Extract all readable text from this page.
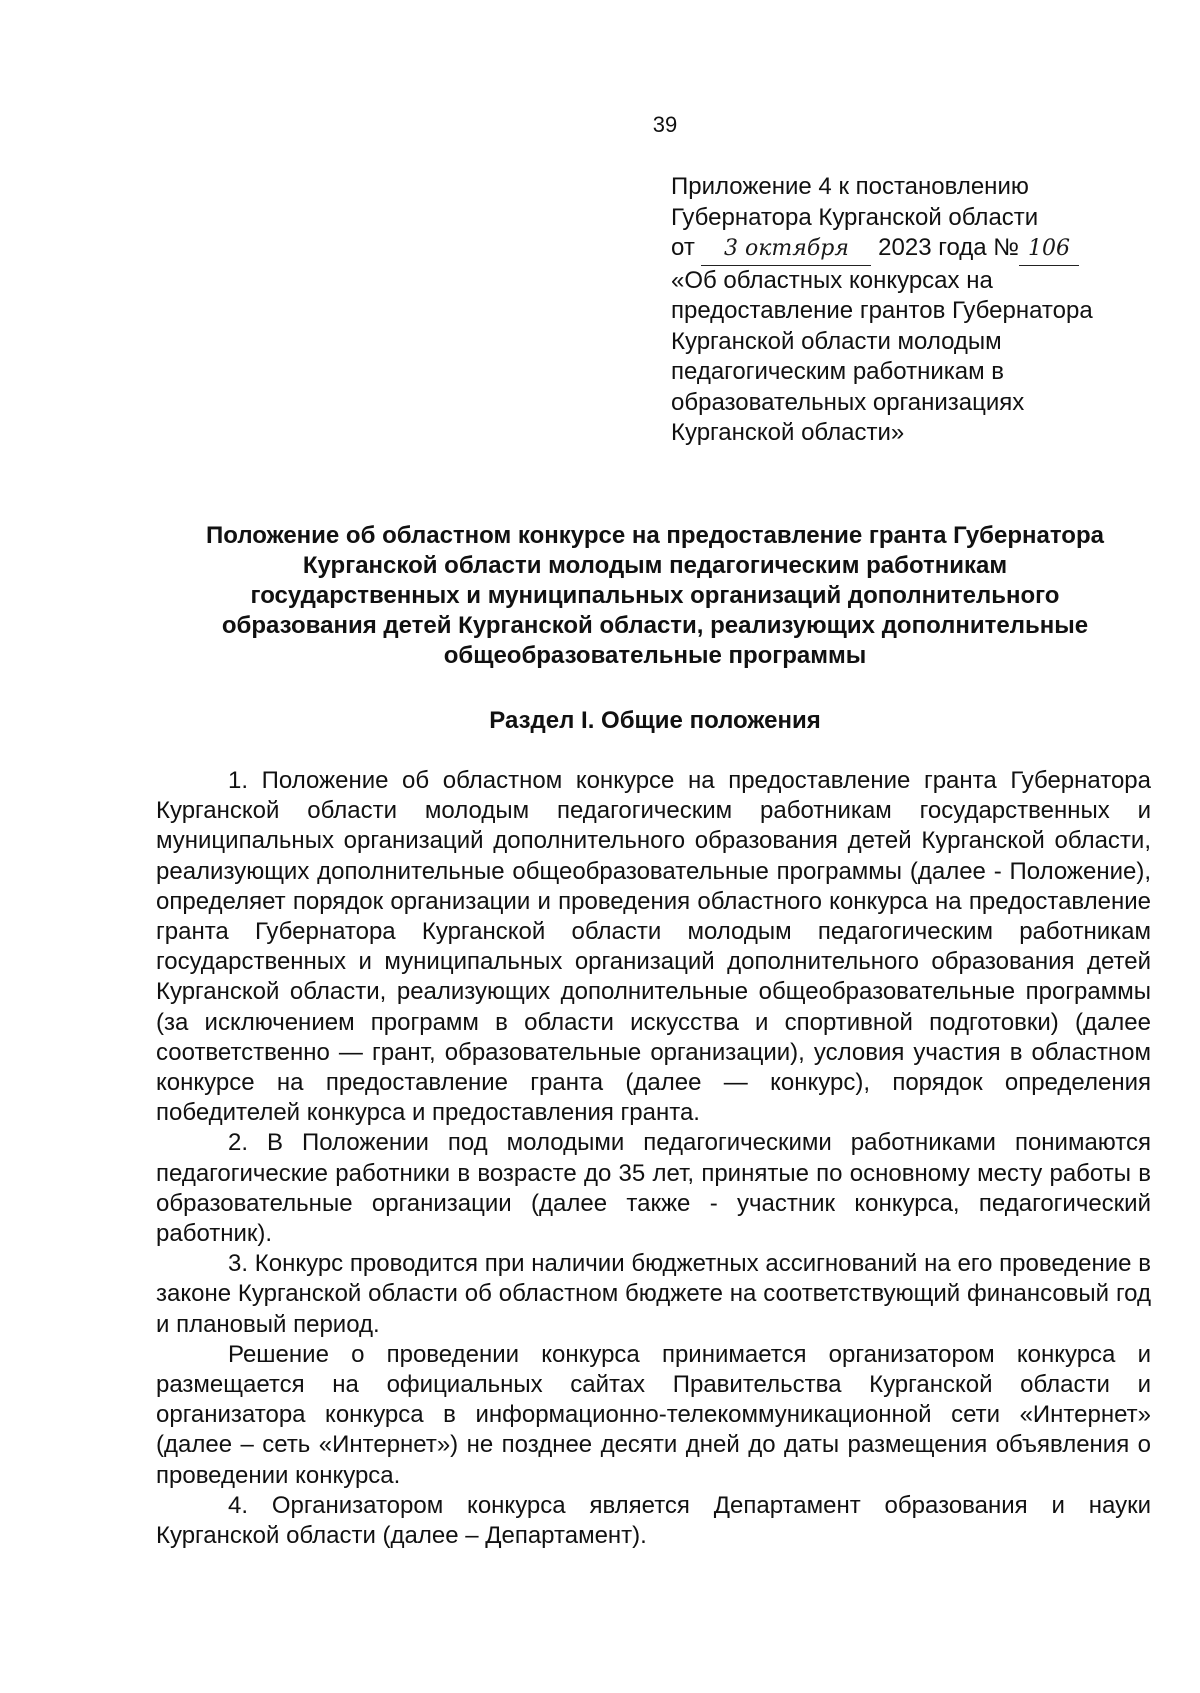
39
Приложение 4 к постановлению
Губернатора Курганской области
от 3 октября 2023 года № 106
«Об областных конкурсах на
предоставление грантов Губернатора
Курганской области молодым
педагогическим работникам в
образовательных организациях
Курганской области»
Положение об областном конкурсе на предоставление гранта Губернатора
Курганской области молодым педагогическим работникам
государственных и муниципальных организаций дополнительного
образования детей Курганской области, реализующих дополнительные
общеобразовательные программы
Раздел I. Общие положения

1. Положение об областном конкурсе на предоставление гранта Губернатора Курганской области молодым педагогическим работникам государственных и муниципальных организаций дополнительного образования детей Курганской области, реализующих дополнительные общеобразовательные программы (далее - Положение), определяет порядок организации и проведения областного конкурса на предоставление гранта Губернатора Курганской области молодым педагогическим работникам государственных и муниципальных организаций дополнительного образования детей Курганской области, реализующих дополнительные общеобразовательные программы (за исключением программ в области искусства и спортивной подготовки) (далее соответственно — грант, образовательные организации), условия участия в областном конкурсе на предоставление гранта (далее — конкурс), порядок определения победителей конкурса и предоставления гранта.

2. В Положении под молодыми педагогическими работниками понимаются педагогические работники в возрасте до 35 лет, принятые по основному месту работы в образовательные организации (далее также - участник конкурса, педагогический работник).

3. Конкурс проводится при наличии бюджетных ассигнований на его проведение в законе Курганской области об областном бюджете на соответствующий финансовый год и плановый период.

Решение о проведении конкурса принимается организатором конкурса и размещается на официальных сайтах Правительства Курганской области и организатора конкурса в информационно-телекоммуникационной сети «Интернет» (далее – сеть «Интернет») не позднее десяти дней до даты размещения объявления о проведении конкурса.

4. Организатором конкурса является Департамент образования и науки Курганской области (далее – Департамент).
